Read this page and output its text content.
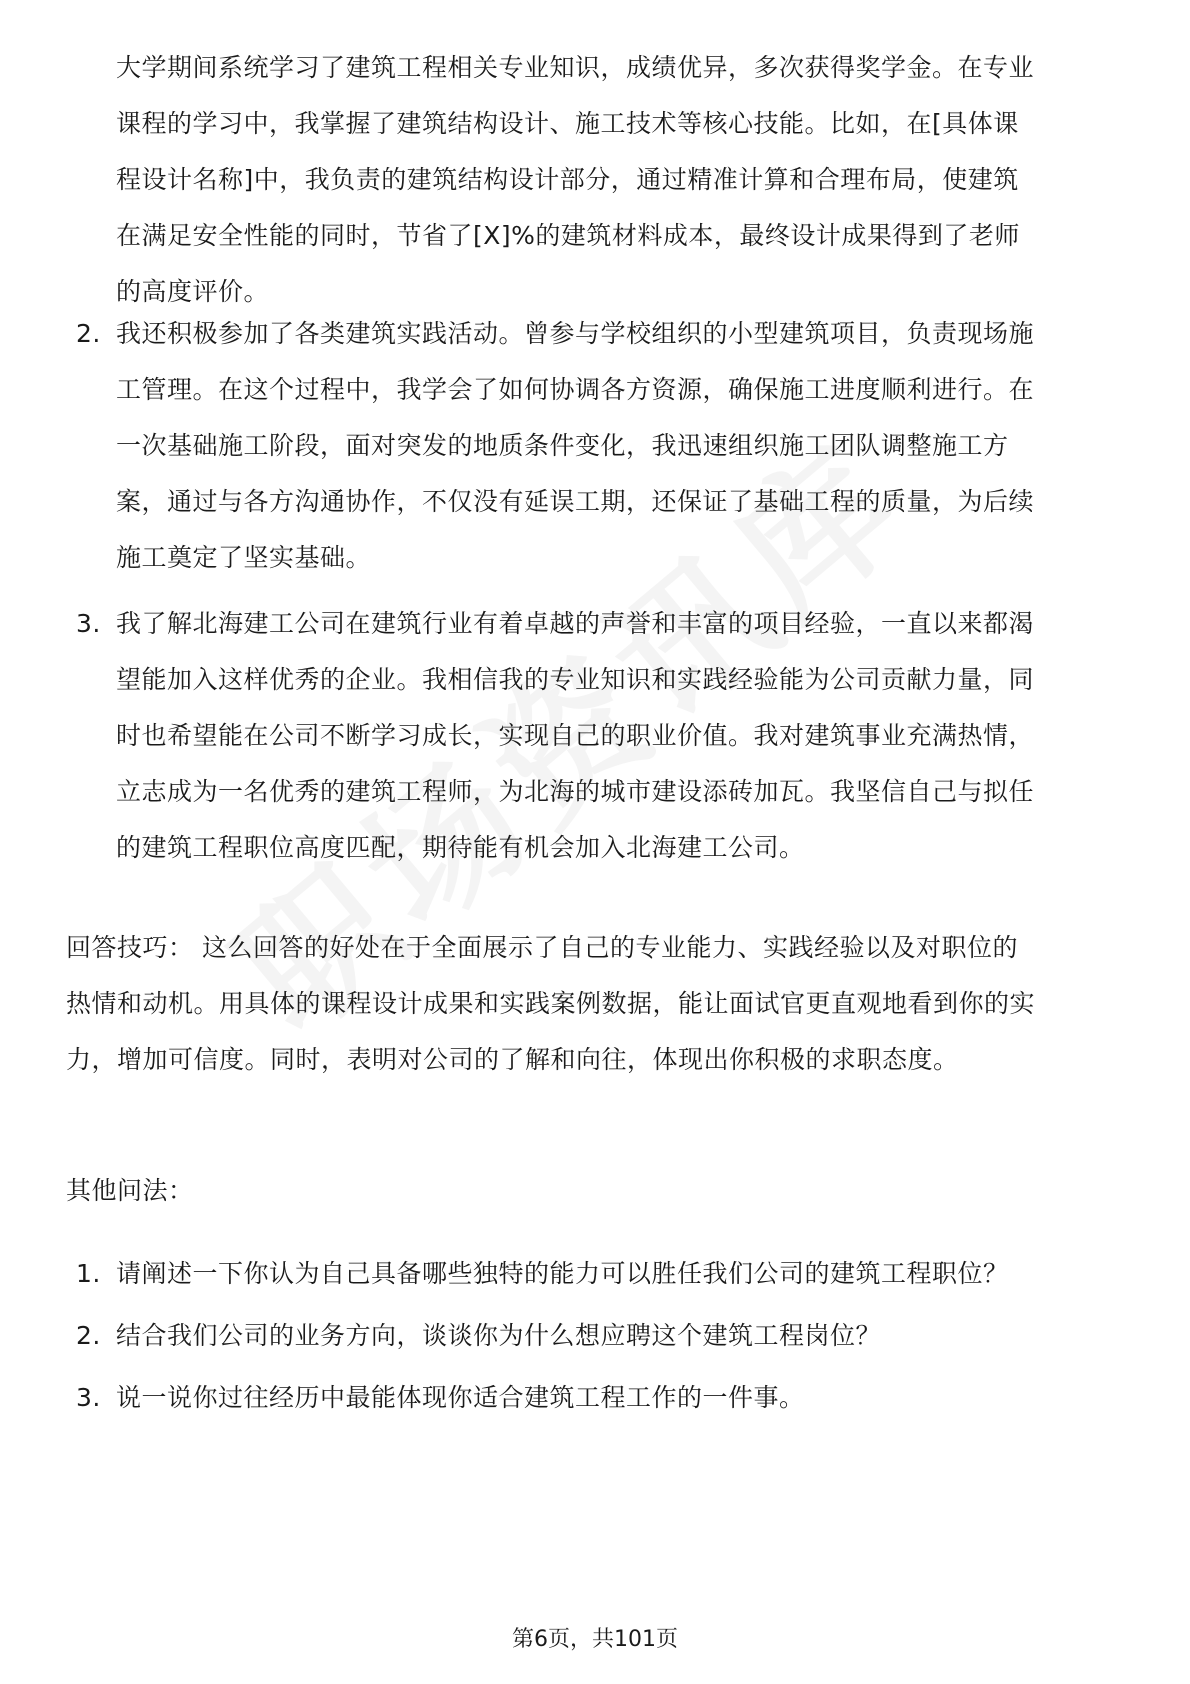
大学期间系统学习了建筑工程相关专业知识，成绩优异，多次获得奖学金。在专业课程的学习中，我掌握了建筑结构设计、施工技术等核心技能。比如，在[具体课程设计名称]中，我负责的建筑结构设计部分，通过精准计算和合理布局，使建筑在满足安全性能的同时，节省了[X]%的建筑材料成本，最终设计成果得到了老师的高度评价。

2. 我还积极参加了各类建筑实践活动。曾参与学校组织的小型建筑项目，负责现场施工管理。在这个过程中，我学会了如何协调各方资源，确保施工进度顺利进行。在一次基础施工阶段，面对突发的地质条件变化，我迅速组织施工团队调整施工方案，通过与各方沟通协作，不仅没有延误工期，还保证了基础工程的质量，为后续施工奠定了坚实基础。
3. 我了解北海建工公司在建筑行业有着卓越的声誉和丰富的项目经验，一直以来都渴望能加入这样优秀的企业。我相信我的专业知识和实践经验能为公司贡献力量，同时也希望能在公司不断学习成长，实现自己的职业价值。我对建筑事业充满热情，立志成为一名优秀的建筑工程师，为北海的城市建设添砖加瓦。我坚信自己与拟任的建筑工程职位高度匹配，期待能有机会加入北海建工公司。

回答技巧： 这么回答的好处在于全面展示了自己的专业能力、实践经验以及对职位的热情和动机。用具体的课程设计成果和实践案例数据，能让面试官更直观地看到你的实力，增加可信度。同时，表明对公司的了解和向往，体现出你积极的求职态度。

其他问法：

1. 请阐述一下你认为自己具备哪些独特的能力可以胜任我们公司的建筑工程职位？
2. 结合我们公司的业务方向，谈谈你为什么想应聘这个建筑工程岗位？
3. 说一说你过往经历中最能体现你适合建筑工程工作的一件事。
第6页，共101页
